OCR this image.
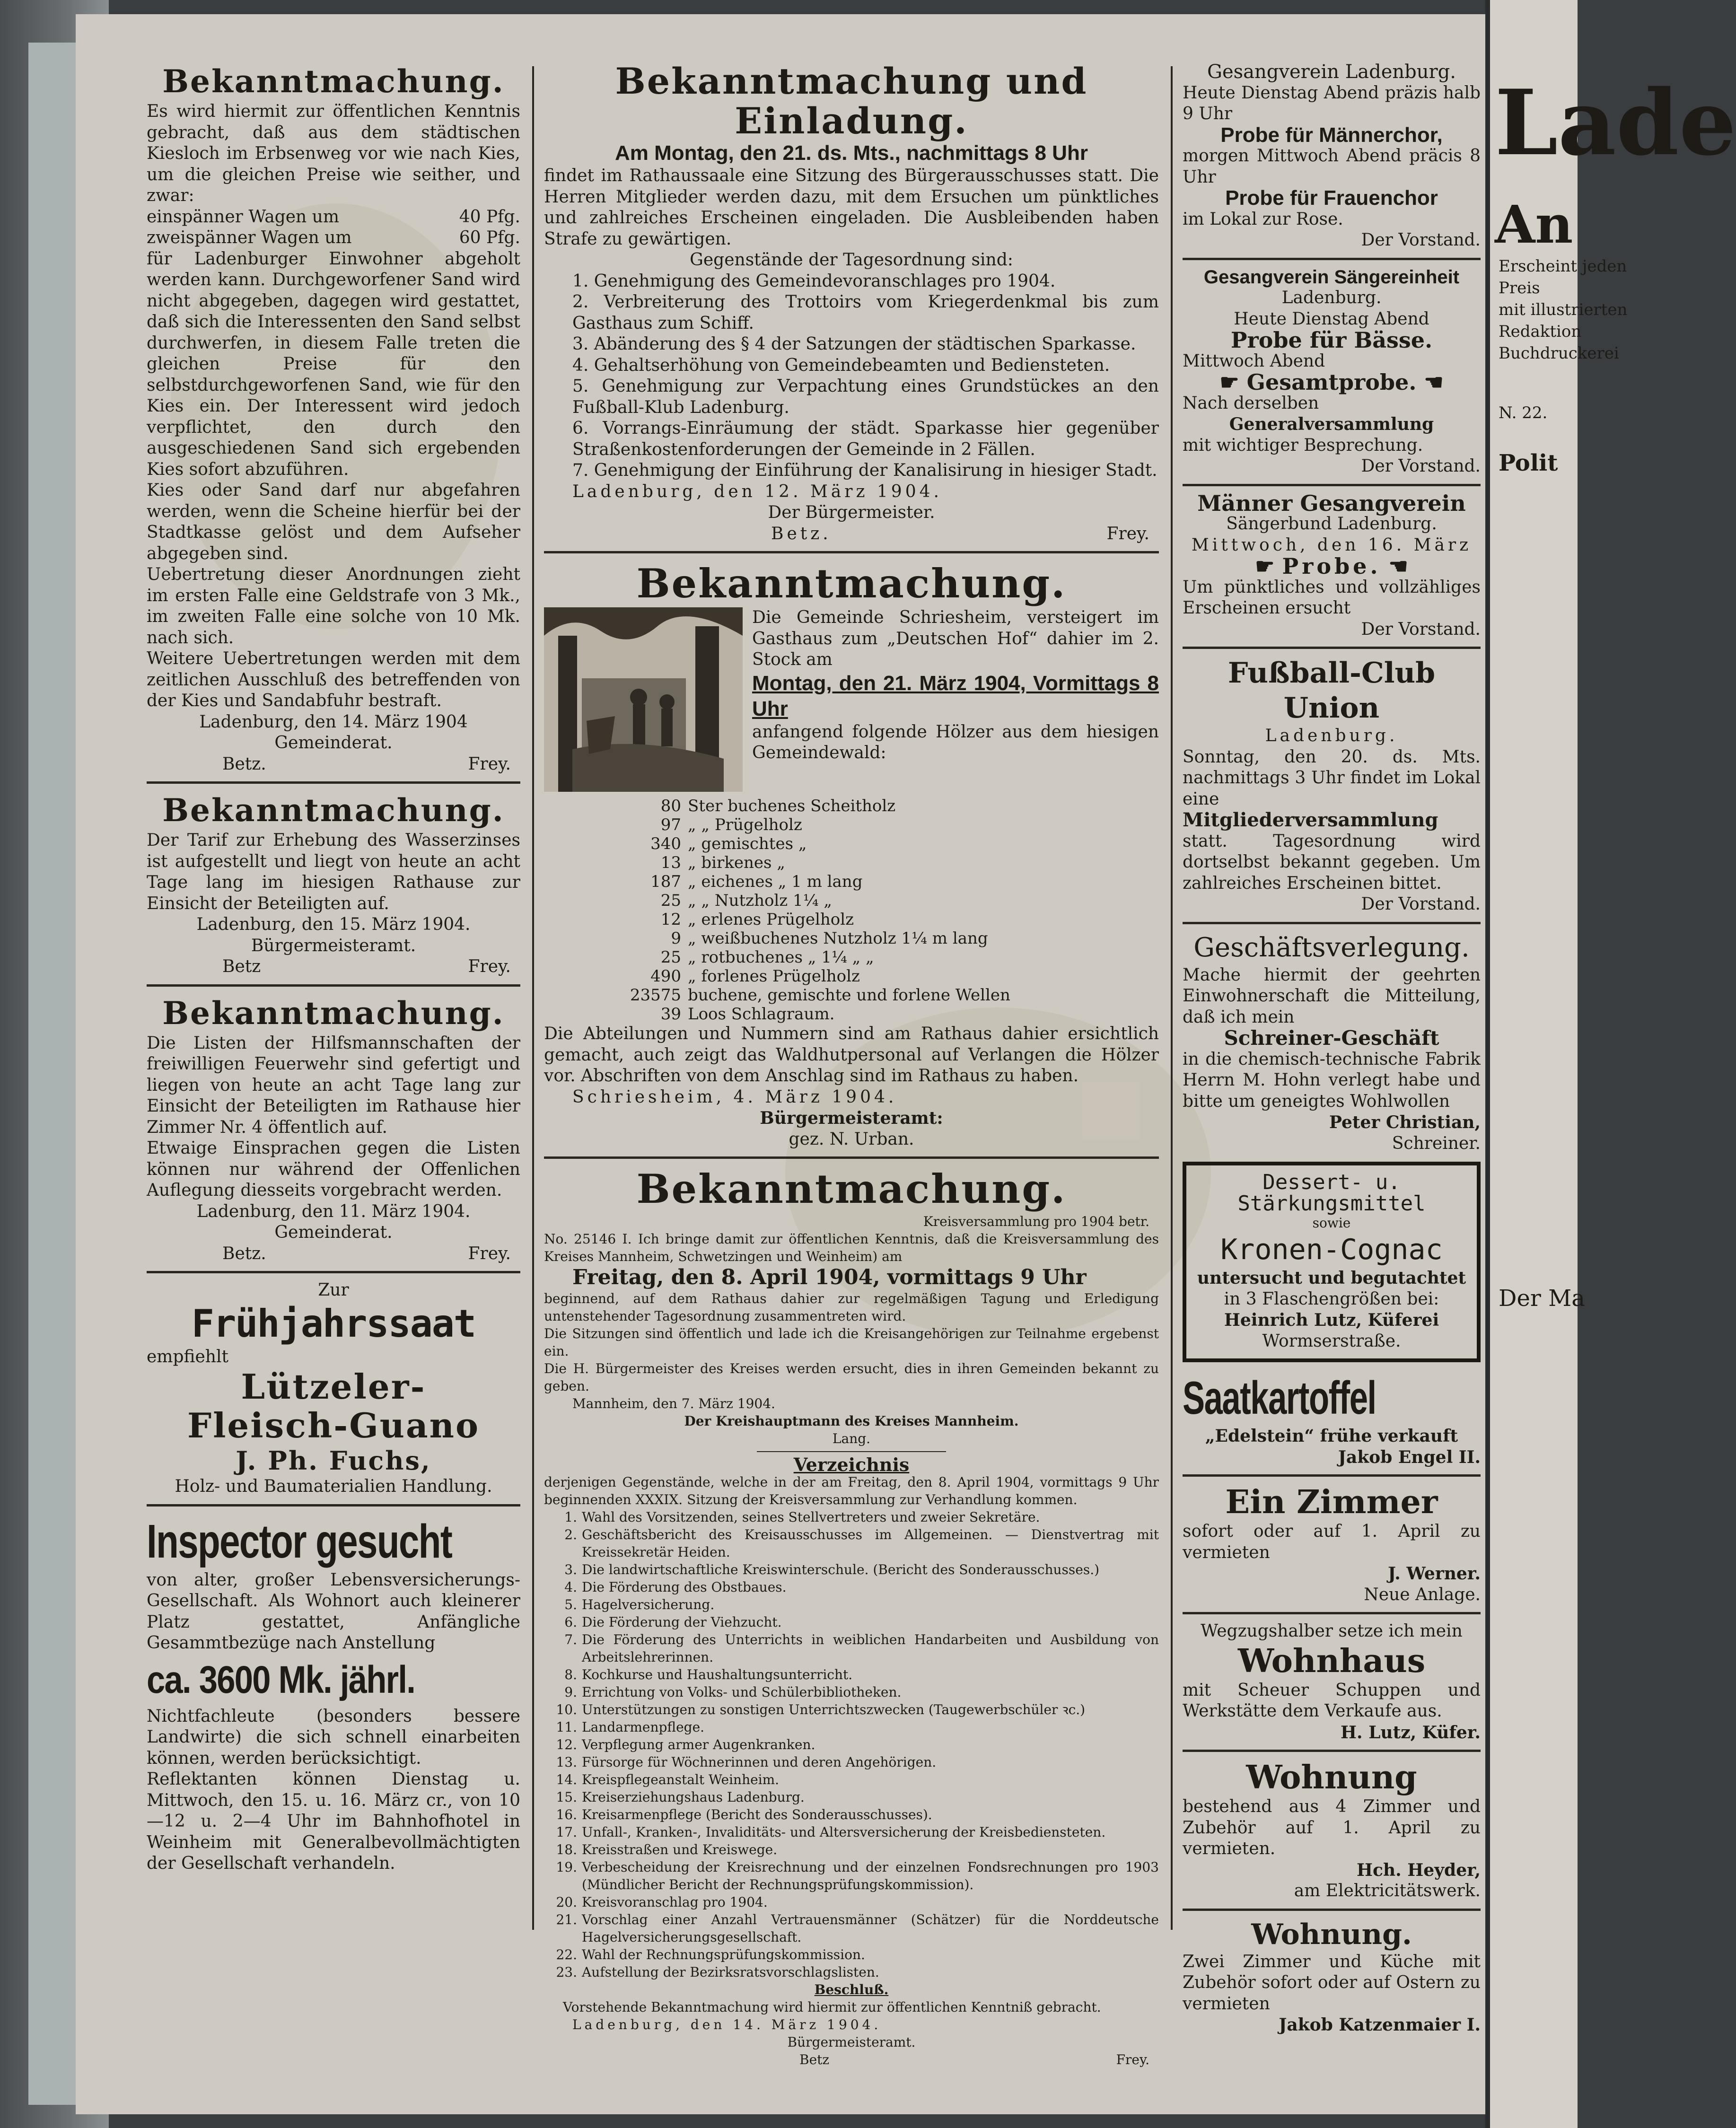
Bekanntmachung.

Es wird hiermit zur öffentlichen Kenntnis gebracht, daß aus dem städtischen Kiesloch im Erbsenweg vor wie nach Kies, um die gleichen Preise wie seither, und zwar:

einspänner Wagen um	40 Pfg.
zweispänner Wagen um	60 Pfg.

für Ladenburger Einwohner abgeholt werden kann. Durchgeworfener Sand wird nicht abgegeben, dagegen wird gestattet, daß sich die Interessenten den Sand selbst durchwerfen, in diesem Falle treten die gleichen Preise für den selbstdurchgeworfenen Sand, wie für den Kies ein. Der Interessent wird jedoch verpflichtet, den durch den ausgeschiedenen Sand sich ergebenden Kies sofort abzuführen.

Kies oder Sand darf nur abgefahren werden, wenn die Scheine hierfür bei der Stadtkasse gelöst und dem Aufseher abgegeben sind.

Uebertretung dieser Anordnungen zieht im ersten Falle eine Geldstrafe von 3 Mk., im zweiten Falle eine solche von 10 Mk. nach sich.

Weitere Uebertretungen werden mit dem zeitlichen Ausschluß des betreffenden von der Kies und Sandabfuhr bestraft.

Ladenburg, den 14. März 1904

Gemeinderat.

Betz.	Frey.
Bekanntmachung.

Der Tarif zur Erhebung des Wasserzinses ist aufgestellt und liegt von heute an acht Tage lang im hiesigen Rathause zur Einsicht der Beteiligten auf.

Ladenburg, den 15. März 1904.

Bürgermeisteramt.

Betz	Frey.
Bekanntmachung.

Die Listen der Hilfsmannschaften der freiwilligen Feuerwehr sind gefertigt und liegen von heute an acht Tage lang zur Einsicht der Beteiligten im Rathause hier Zimmer Nr. 4 öffentlich auf.

Etwaige Einsprachen gegen die Listen können nur während der Offenlichen Auflegung diesseits vorgebracht werden.

Ladenburg, den 11. März 1904.

Gemeinderat.

Betz.	Frey.
Zur
Frühjahrssaat
empfiehlt
Lützeler-
Fleisch-Guano
J. Ph. Fuchs,
Holz- und Baumaterialien Handlung.
Inspector gesucht

von alter, großer Lebensversicherungs-Gesellschaft. Als Wohnort auch kleinerer Platz gestattet, Anfängliche Gesammtbezüge nach Anstellung

ca. 3600 Mk. jährl.

Nichtfachleute (besonders bessere Landwirte) die sich schnell einarbeiten können, werden berücksichtigt.

Reflektanten können Dienstag u. Mittwoch, den 15. u. 16. März cr., von 10—12 u. 2—4 Uhr im Bahnhofhotel in Weinheim mit Generalbevollmächtigten der Gesellschaft verhandeln.

Bekanntmachung und Einladung.
Am Montag, den 21. ds. Mts., nachmittags 8 Uhr

findet im Rathaussaale eine Sitzung des Bürgerausschusses statt. Die Herren Mitglieder werden dazu, mit dem Ersuchen um pünktliches und zahlreiches Erscheinen eingeladen. Die Ausbleibenden haben Strafe zu gewärtigen.

Gegenstände der Tagesordnung sind:

1. Genehmigung des Gemeindevoranschlages pro 1904.

2. Verbreiterung des Trottoirs vom Kriegerdenkmal bis zum Gasthaus zum Schiff.

3. Abänderung des § 4 der Satzungen der städtischen Sparkasse.

4. Gehaltserhöhung von Gemeindebeamten und Bediensteten.

5. Genehmigung zur Verpachtung eines Grundstückes an den Fußball-Klub Ladenburg.

6. Vorrangs-Einräumung der städt. Sparkasse hier gegenüber Straßenkostenforderungen der Gemeinde in 2 Fällen.

7. Genehmigung der Einführung der Kanalisirung in hiesiger Stadt.

Ladenburg, den 12. März 1904.

Der Bürgermeister.

Betz.	Frey.
Bekanntmachung.

Die Gemeinde Schriesheim, versteigert im Gasthaus zum „Deutschen Hof“ dahier im 2. Stock am

Montag, den 21. März 1904, Vormittags 8 Uhr

anfangend folgende Hölzer aus dem hiesigen Gemeindewald:

80 Ster buchenes Scheitholz
97 „ „ Prügelholz
340 „ gemischtes „
13 „ birkenes „
187 „ eichenes „ 1 m lang
25 „ „ Nutzholz 1¼ „
12 „ erlenes Prügelholz
9 „ weißbuchenes Nutzholz 1¼ m lang
25 „ rotbuchenes „ 1¼ „ „
490 „ forlenes Prügelholz
23575 buchene, gemischte und forlene Wellen
39 Loos Schlagraum.

Die Abteilungen und Nummern sind am Rathaus dahier ersichtlich gemacht, auch zeigt das Waldhutpersonal auf Verlangen die Hölzer vor. Abschriften von dem Anschlag sind im Rathaus zu haben.

Schriesheim, 4. März 1904.

Bürgermeisteramt:

gez. N. Urban.

Bekanntmachung.

Kreisversammlung pro 1904 betr.

No. 25146 I. Ich bringe damit zur öffentlichen Kenntnis, daß die Kreisversammlung des Kreises Mannheim, Schwetzingen und Weinheim) am

Freitag, den 8. April 1904, vormittags 9 Uhr

beginnend, auf dem Rathaus dahier zur regelmäßigen Tagung und Erledigung untenstehender Tagesordnung zusammentreten wird.

Die Sitzungen sind öffentlich und lade ich die Kreisangehörigen zur Teilnahme ergebenst ein.

Die H. Bürgermeister des Kreises werden ersucht, dies in ihren Gemeinden bekannt zu geben.

Mannheim, den 7. März 1904.

Der Kreishauptmann des Kreises Mannheim.

Lang.

Verzeichnis

derjenigen Gegenstände, welche in der am Freitag, den 8. April 1904, vormittags 9 Uhr beginnenden XXXIX. Sitzung der Kreisversammlung zur Verhandlung kommen.

1. Wahl des Vorsitzenden, seines Stellvertreters und zweier Sekretäre.
2. Geschäftsbericht des Kreisausschusses im Allgemeinen. — Dienstvertrag mit Kreissekretär Heiden.
3. Die landwirtschaftliche Kreiswinterschule. (Bericht des Sonderausschusses.)
4. Die Förderung des Obstbaues.
5. Hagelversicherung.
6. Die Förderung der Viehzucht.
7. Die Förderung des Unterrichts in weiblichen Handarbeiten und Ausbildung von Arbeitslehrerinnen.
8. Kochkurse und Haushaltungsunterricht.
9. Errichtung von Volks- und Schülerbibliotheken.
10. Unterstützungen zu sonstigen Unterrichtszwecken (Taugewerbschüler ꝛc.)
11. Landarmenpflege.
12. Verpflegung armer Augenkranken.
13. Fürsorge für Wöchnerinnen und deren Angehörigen.
14. Kreispflegeanstalt Weinheim.
15. Kreiserziehungshaus Ladenburg.
16. Kreisarmenpflege (Bericht des Sonderausschusses).
17. Unfall-, Kranken-, Invaliditäts- und Altersversicherung der Kreisbediensteten.
18. Kreisstraßen und Kreiswege.
19. Verbescheidung der Kreisrechnung und der einzelnen Fondsrechnungen pro 1903 (Mündlicher Bericht der Rechnungsprüfungskommission).
20. Kreisvoranschlag pro 1904.
21. Vorschlag einer Anzahl Vertrauensmänner (Schätzer) für die Norddeutsche Hagelversicherungsgesellschaft.
22. Wahl der Rechnungsprüfungskommission.
23. Aufstellung der Bezirksratsvorschlagslisten.

Beschluß.

Vorstehende Bekanntmachung wird hiermit zur öffentlichen Kenntniß gebracht.

Ladenburg, den 14. März 1904.

Bürgermeisteramt.

Betz	Frey.

Gesangverein Ladenburg.

Heute Dienstag Abend präzis halb 9 Uhr

Probe für Männerchor,

morgen Mittwoch Abend präcis 8 Uhr

Probe für Frauenchor

im Lokal zur Rose.

Der Vorstand.

Gesangverein Sängereinheit

Ladenburg.

Heute Dienstag Abend

Probe für Bässe.

Mittwoch Abend

☛ Gesamtprobe. ☚

Nach derselben

Generalversammlung

mit wichtiger Besprechung.

Der Vorstand.

Männer Gesangverein

Sängerbund Ladenburg.

Mittwoch, den 16. März

☛ Probe. ☚

Um pünktliches und vollzähliges Erscheinen ersucht

Der Vorstand.

Fußball-Club Union

Ladenburg.

Sonntag, den 20. ds. Mts. nachmittags 3 Uhr findet im Lokal eine

Mitgliederversammlung

statt. Tagesordnung wird dortselbst bekannt gegeben. Um zahlreiches Erscheinen bittet.

Der Vorstand.

Geschäftsverlegung.

Mache hiermit der geehrten Einwohnerschaft die Mitteilung, daß ich mein

Schreiner-Geschäft

in die chemisch-technische Fabrik Herrn M. Hohn verlegt habe und bitte um geneigtes Wohlwollen

Peter Christian,

Schreiner.

Dessert- u. Stärkungsmittel

sowie

Kronen-Cognac

untersucht und begutachtet

in 3 Flaschengrößen bei:

Heinrich Lutz, Küferei

Wormserstraße.

Saatkartoffel

„Edelstein“ frühe verkauft

Jakob Engel II.

Ein Zimmer

sofort oder auf 1. April zu vermieten

J. Werner.

Neue Anlage.

Wegzugshalber setze ich mein

Wohnhaus

mit Scheuer Schuppen und Werkstätte dem Verkaufe aus.

H. Lutz, Küfer.

Wohnung

bestehend aus 4 Zimmer und Zubehör auf 1. April zu vermieten.

Hch. Heyder,

am Elektricitätswerk.

Wohnung.

Zwei Zimmer und Küche mit Zubehör sofort oder auf Ostern zu vermieten

Jakob Katzenmaier I.

Lade
An
Erscheint jeden
Preis
mit illustrierten
Redaktion
Buchdruckerei
N. 22.
Polit
Der Ma
